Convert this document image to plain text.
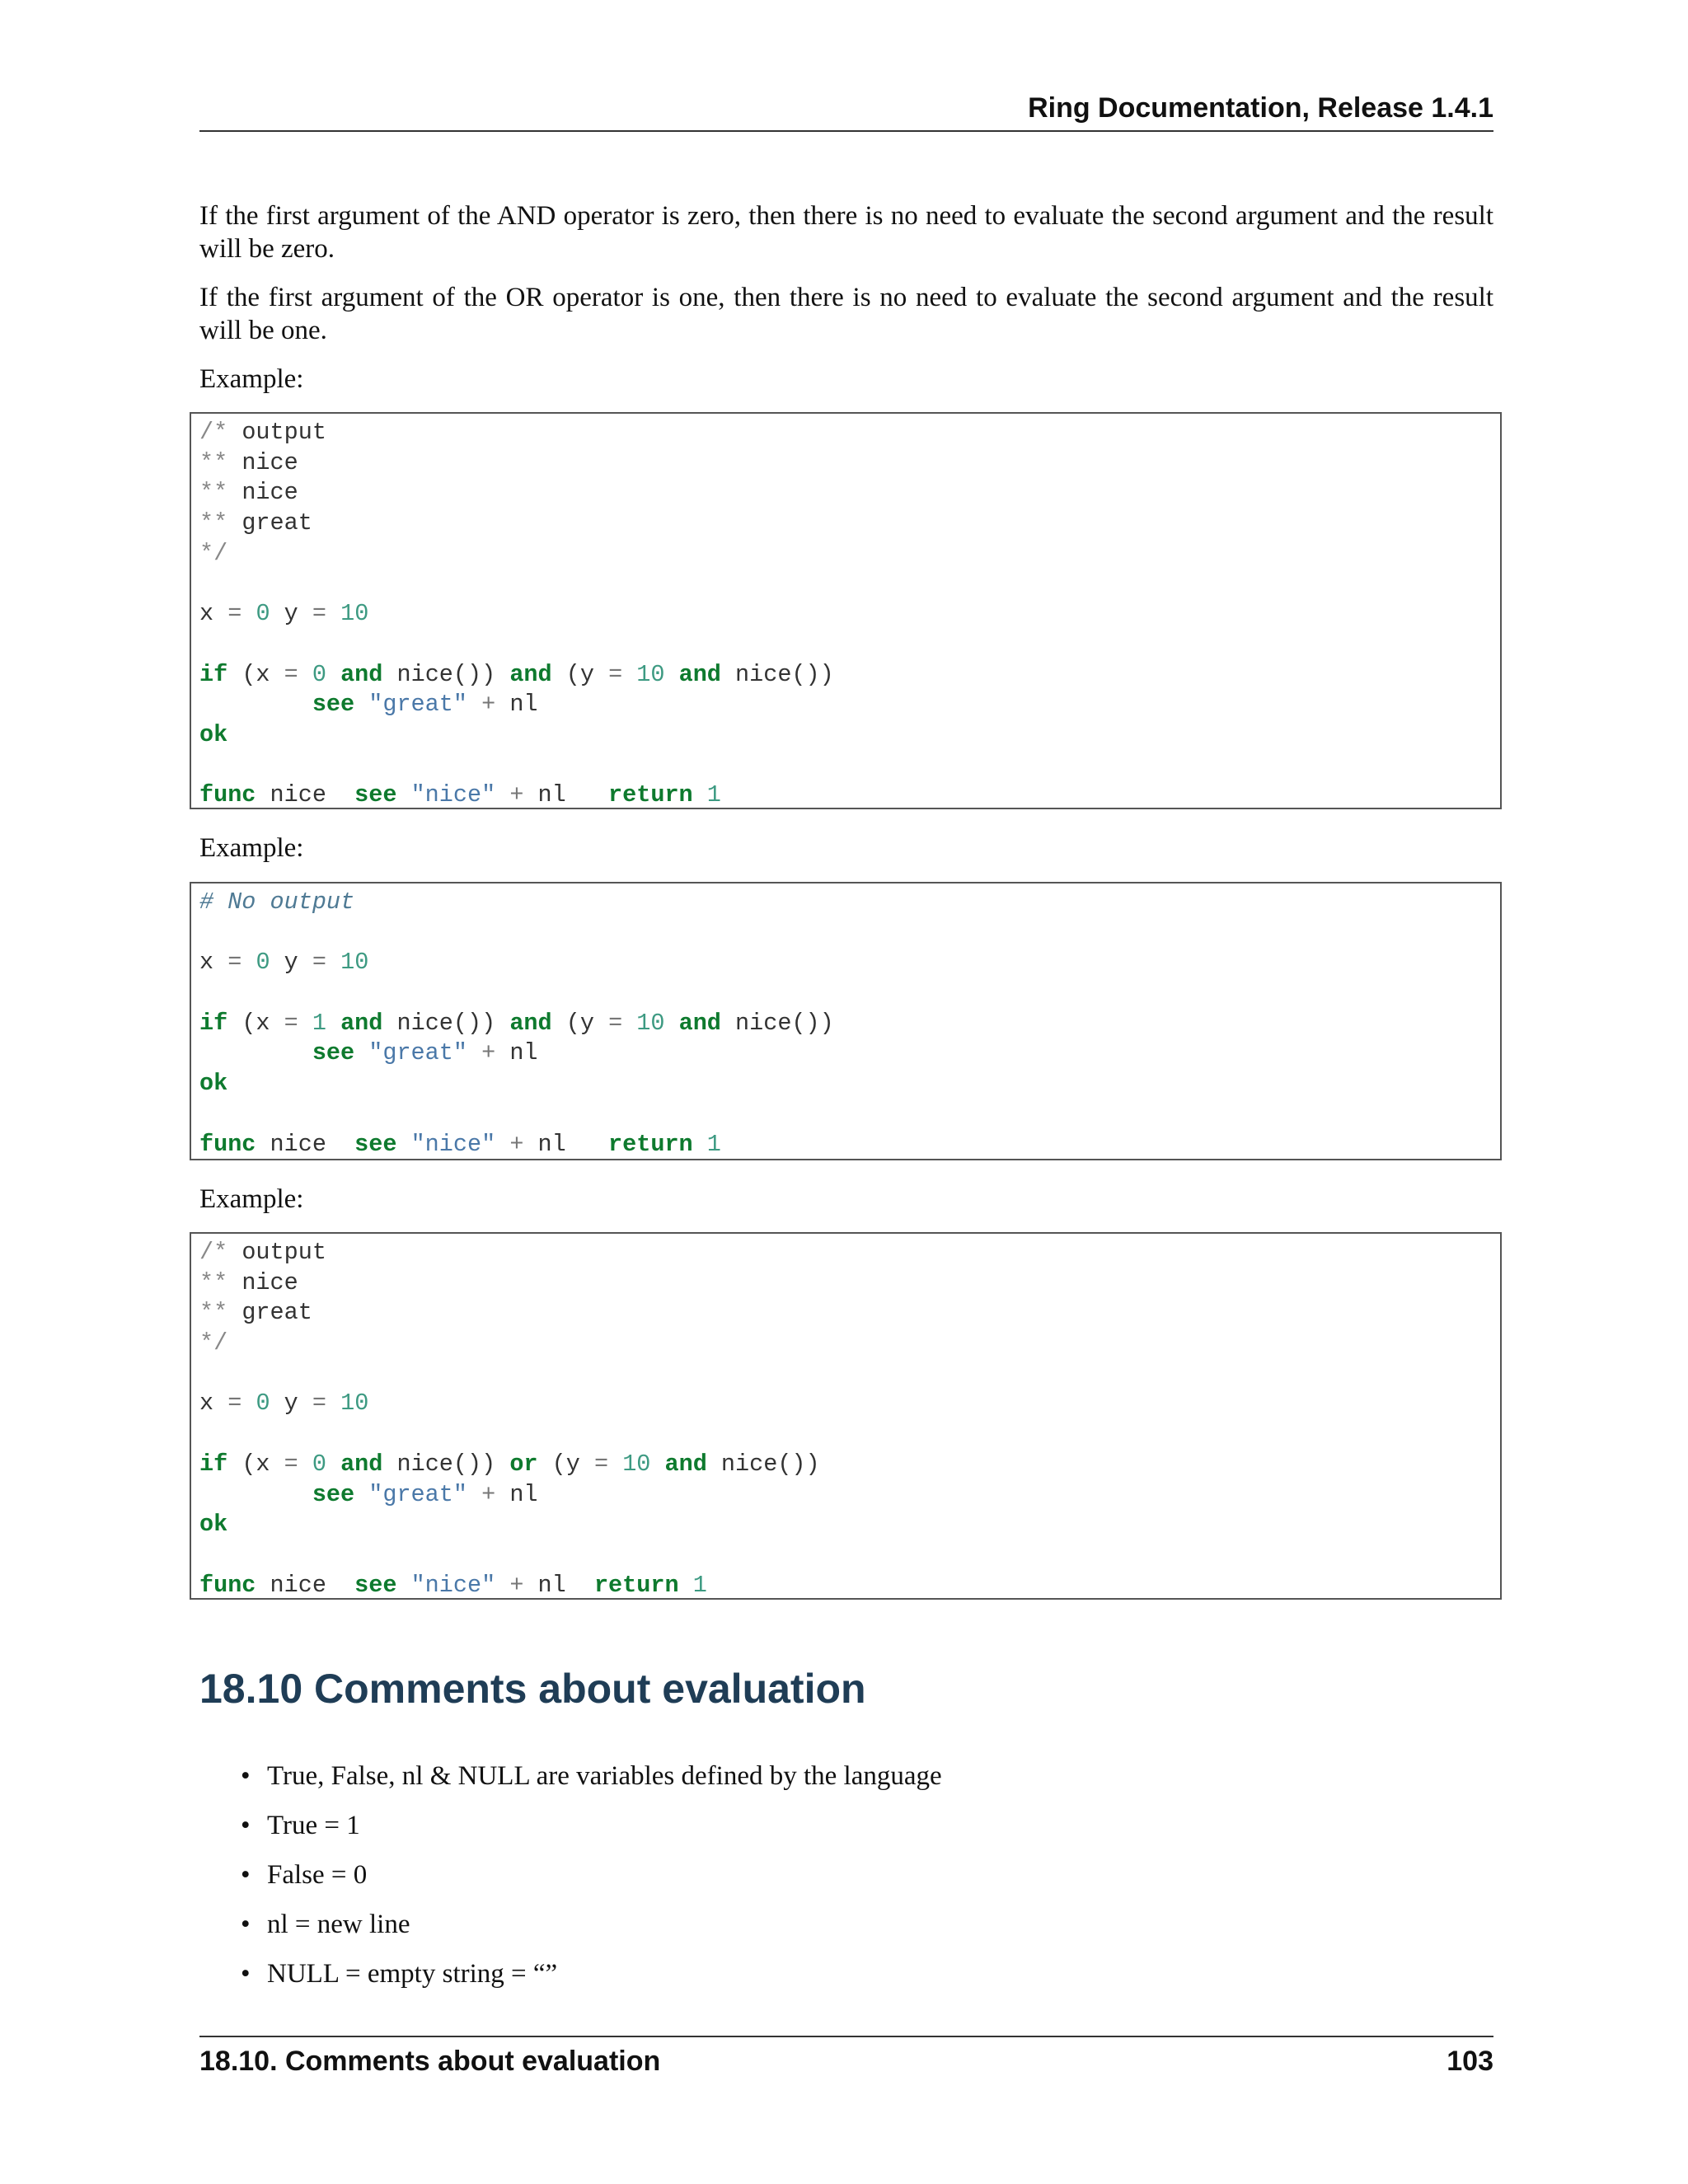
Ring Documentation, Release 1.4.1

If the first argument of the AND operator is zero, then there is no need to evaluate the second argument and the result will be zero.

If the first argument of the OR operator is one, then there is no need to evaluate the second argument and the result will be one.

Example:

/* output
** nice
** nice
** great
*/

x = 0 y = 10

if (x = 0 and nice()) and (y = 10 and nice())
see "great" + nl
ok

func nice  see "nice" + nl   return 1

Example:

# No output

x = 0 y = 10

if (x = 1 and nice()) and (y = 10 and nice())
see "great" + nl
ok

func nice  see "nice" + nl   return 1

Example:

/* output
** nice
** great
*/

x = 0 y = 10

if (x = 0 and nice()) or (y = 10 and nice())
see "great" + nl
ok

func nice  see "nice" + nl  return 1
18.10 Comments about evaluation
• True, False, nl & NULL are variables defined by the language
• True = 1
• False = 0
• nl = new line
• NULL = empty string = “”
18.10. Comments about evaluation	103
